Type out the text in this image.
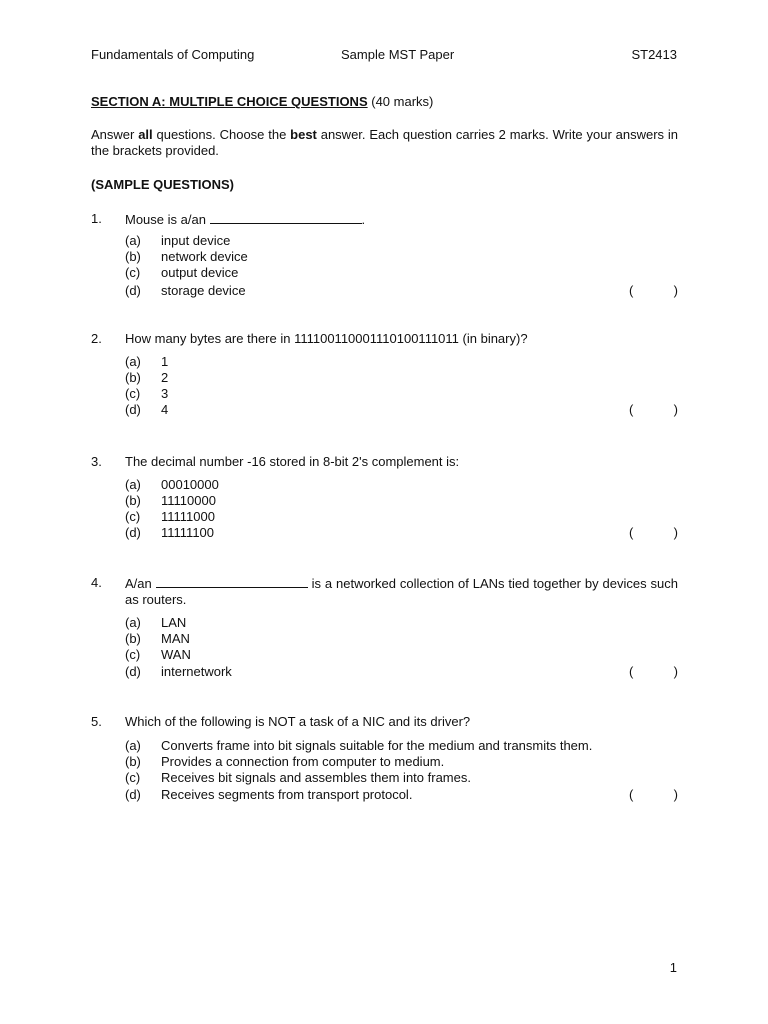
Fundamentals of Computing	Sample MST Paper	ST2413
SECTION A: MULTIPLE CHOICE QUESTIONS (40 marks)
Answer all questions. Choose the best answer. Each question carries 2 marks. Write your answers in the brackets provided.
(SAMPLE QUESTIONS)
1. Mouse is a/an	.
(a) input device
(b) network device
(c) output device
(d) storage device	(	)
2. How many bytes are there in 111100110001110100111011 (in binary)?
(a) 1
(b) 2
(c) 3
(d) 4	(	)
3. The decimal number -16 stored in 8-bit 2's complement is:
(a) 00010000
(b) 11110000
(c) 11111000
(d) 11111100	(	)
4. A/an	is a networked collection of LANs tied together by devices such as routers.
(a) LAN
(b) MAN
(c) WAN
(d) internetwork	(	)
5. Which of the following is NOT a task of a NIC and its driver?
(a) Converts frame into bit signals suitable for the medium and transmits them.
(b) Provides a connection from computer to medium.
(c) Receives bit signals and assembles them into frames.
(d) Receives segments from transport protocol.	(	)
1
